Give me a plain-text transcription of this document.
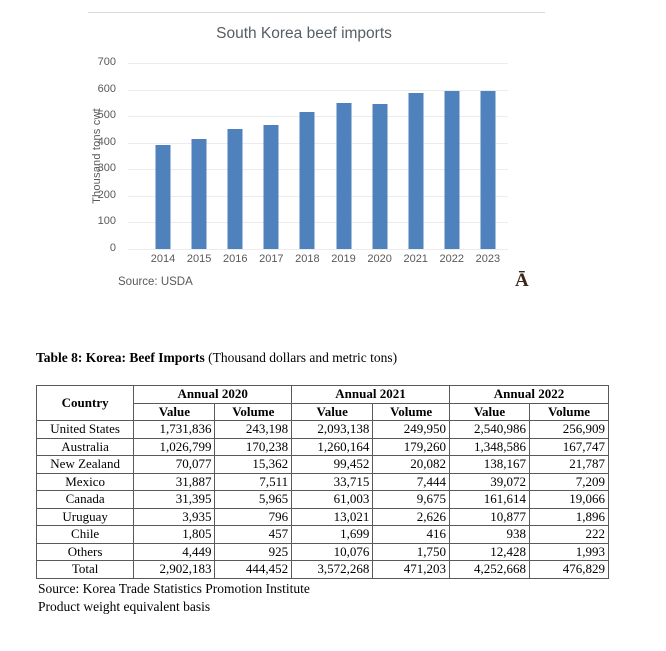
South Korea beef imports
Thousand tons cwt
0
100
200
300
400
500
600
700
2014	2015	2016	2017	2018	2019	2020	2021	2022	2023
Source: USDA	Ā
Table 8: Korea: Beef Imports (Thousand dollars and metric tons)
Country	Annual 2020		Annual 2021		Annual 2022	
	Value	Volume	Value	Volume	Value	Volume
United States	1,731,836	243,198	2,093,138	249,950	2,540,986	256,909
Australia	1,026,799	170,238	1,260,164	179,260	1,348,586	167,747
New Zealand	70,077	15,362	99,452	20,082	138,167	21,787
Mexico	31,887	7,511	33,715	7,444	39,072	7,209
Canada	31,395	5,965	61,003	9,675	161,614	19,066
Uruguay	3,935	796	13,021	2,626	10,877	1,896
Chile	1,805	457	1,699	416	938	222
Others	4,449	925	10,076	1,750	12,428	1,993
Total	2,902,183	444,452	3,572,268	471,203	4,252,668	476,829
Source: Korea Trade Statistics Promotion Institute
Product weight equivalent basis
